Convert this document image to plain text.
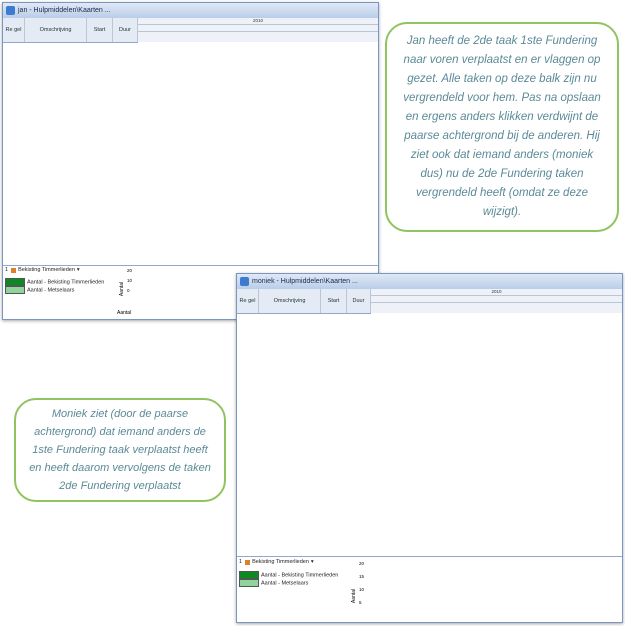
jan - Hulpmiddelen\Kaarten ...
Re gel	Omschrijving	Start	Duur
2010
1 Bekisting Timmerlieden ▾
Aantal - Bekisting Timmerlieden
Aantal - Metselaars	Aantal
20
10
0
Aantal
moniek - Hulpmiddelen\Kaarten ...
Re gel	Omschrijving	Start	Duur
2010
1 Bekisting Timmerlieden ▾
Aantal - Bekisting Timmerlieden
Aantal - Metselaars
Aantal
20
15
10
5
Jan heeft de 2de taak 1ste Fundering naar voren verplaatst en er vlaggen op gezet. Alle taken op deze balk zijn nu vergrendeld voor hem. Pas na opslaan en ergens anders klikken verdwijnt de paarse achtergrond bij de anderen. Hij ziet ook dat iemand anders (moniek dus) nu de 2de Fundering taken vergrendeld heeft (omdat ze deze wijzigt).
Moniek ziet (door de paarse achtergrond) dat iemand anders de 1ste Fundering taak verplaatst heeft en heeft daarom vervolgens de taken 2de Fundering verplaatst
